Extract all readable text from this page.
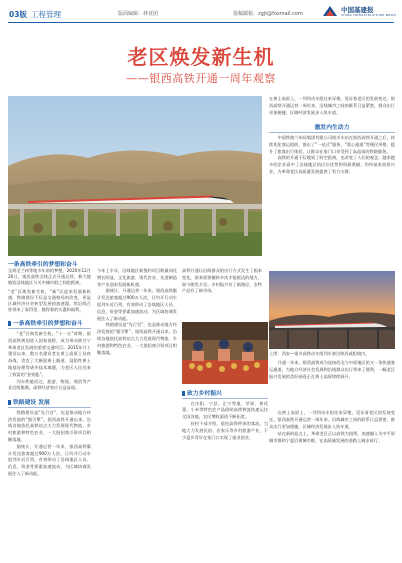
03版 工程管理	版面编辑：林亚团	投稿邮箱：zgjt@foxmail.com	中国基建报
CHINA INFRASTRUCTURE NEWS
老区焕发新生机
——银西高铁开通一周年观察

一条高铁牵引的梦想和奋斗

宝鸡至兰州等地多年前的梦想，2020年12月26日，银西高铁全线正式开通运营，极大地缩短沿线地区与关中城市群之间的距离。

“老”区焕发新生机，“新”区迎来发展新机遇。铁路建设不仅是交通格局的改变，更是区域经济社会转型发展的加速器，给沿线百姓带来了看得见、摸得着的实惠和福利。

一条高铁牵引的梦想和奋斗

“老”区焕发新生机。“十一五”时期，银西高铁规划进入国家视野，成为带动陕甘宁革命老区发展的重要交通项目。2015年开工建设以来，数万名建设者在黄土高原上昼夜奋战，攻克了大断面黄土隧道、湿陷性黄土地基处理等诸多技术难题，为老区人民送来了致富的“金钥匙”。

列车疾驰而过，旅游、物流、商贸等产业沿线集聚，高铁经济效应日益显现。

铁路建设 发展

铁路建设是“先行官”，也是推动地方经济发展的“强引擎”。银西高铁开通以来，沿线各地依托高铁站点大力发展现代物流、乡村旅游和特色农业，一大批招商引资项目相继落地。

据统计，开通运营一年来，银西高铁累计发送旅客超过900万人次，日均开行动车组列车近百列，有效带动了沿线地区人员、信息、资金等要素加速流动，为区域协调发展注入了新动能。

今年上半年，沿线地区新签约项目数量同比增长明显，文化旅游、现代农业、先进制造等产业迎来发展新机遇。

据统计，开通运营一年来，银西高铁累计发送旅客超过900万人次，日均开行动车组列车近百列，有效带动了沿线地区人员、信息、资金等要素加速流动，为区域协调发展注入了新动能。

铁路建设是“先行官”，也是推动地方经济发展的“强引擎”。银西高铁开通以来，沿线各地依托高铁站点大力发展现代物流、乡村旅游和特色农业，一大批招商引资项目相继落地。

高铁开通让沿线群众的出行方式发生了根本变化，原来需要辗转多次才能抵达的地方，如今朝发夕至。乡村振兴有了新路径，农特产品有了新市场。

致力乡村振兴

在庆阳、宁县、正宁等地，苹果、黄花菜、小米等特色农产品借助高铁物流快速运往全国各地，农民增收渠道不断拓宽。

驻村干部介绍，依托高铁带来的客流，当地大力发展民宿、农家乐等乡村旅游产业，不少返乡青年在家门口实现了就业创业。

在黄土高原上，一列列动车组往来穿梭，见证着老区的发展变迁。银西高铁开通运营一周年来，沿线城市之间的联系日益紧密，群众出行更加便捷，区域经济发展步入快车道。

激发内生动力

中国铁路兰州局集团有限公司银川车站在银西高铁开通之后，持续优化客运组织，推出了“一站式”服务、“爱心通道”等便民举措，提升了旅客出行体验，让群众在家门口享受到了高品质的铁路服务。

高铁的开通不仅缩短了时空距离，也改变了人们的观念。越来越多的企业看中了沿线地区的区位优势和资源禀赋，纷纷前来投资兴业，为革命老区高质量发展提供了有力支撑。

上图：西安—银川高铁动车组列车驶过陕西咸阳境内。

开通一年来，银西高铁成为连接西北与中原地区的又一条快速客运通道，为地方经济社会发展和沿线群众出行带来了便利，一幅老区振兴发展的美好画卷正在黄土高原徐徐展开。

在黄土高原上，一列列动车组往来穿梭，见证着老区的发展变迁。银西高铁开通运营一周年来，沿线城市之间的联系日益紧密，群众出行更加便捷，区域经济发展步入快车道。

站在新的起点上，革命老区正以高铁为纽带，加速融入关中平原城市群和宁夏沿黄城市群，在高质量发展的道路上阔步前行。
